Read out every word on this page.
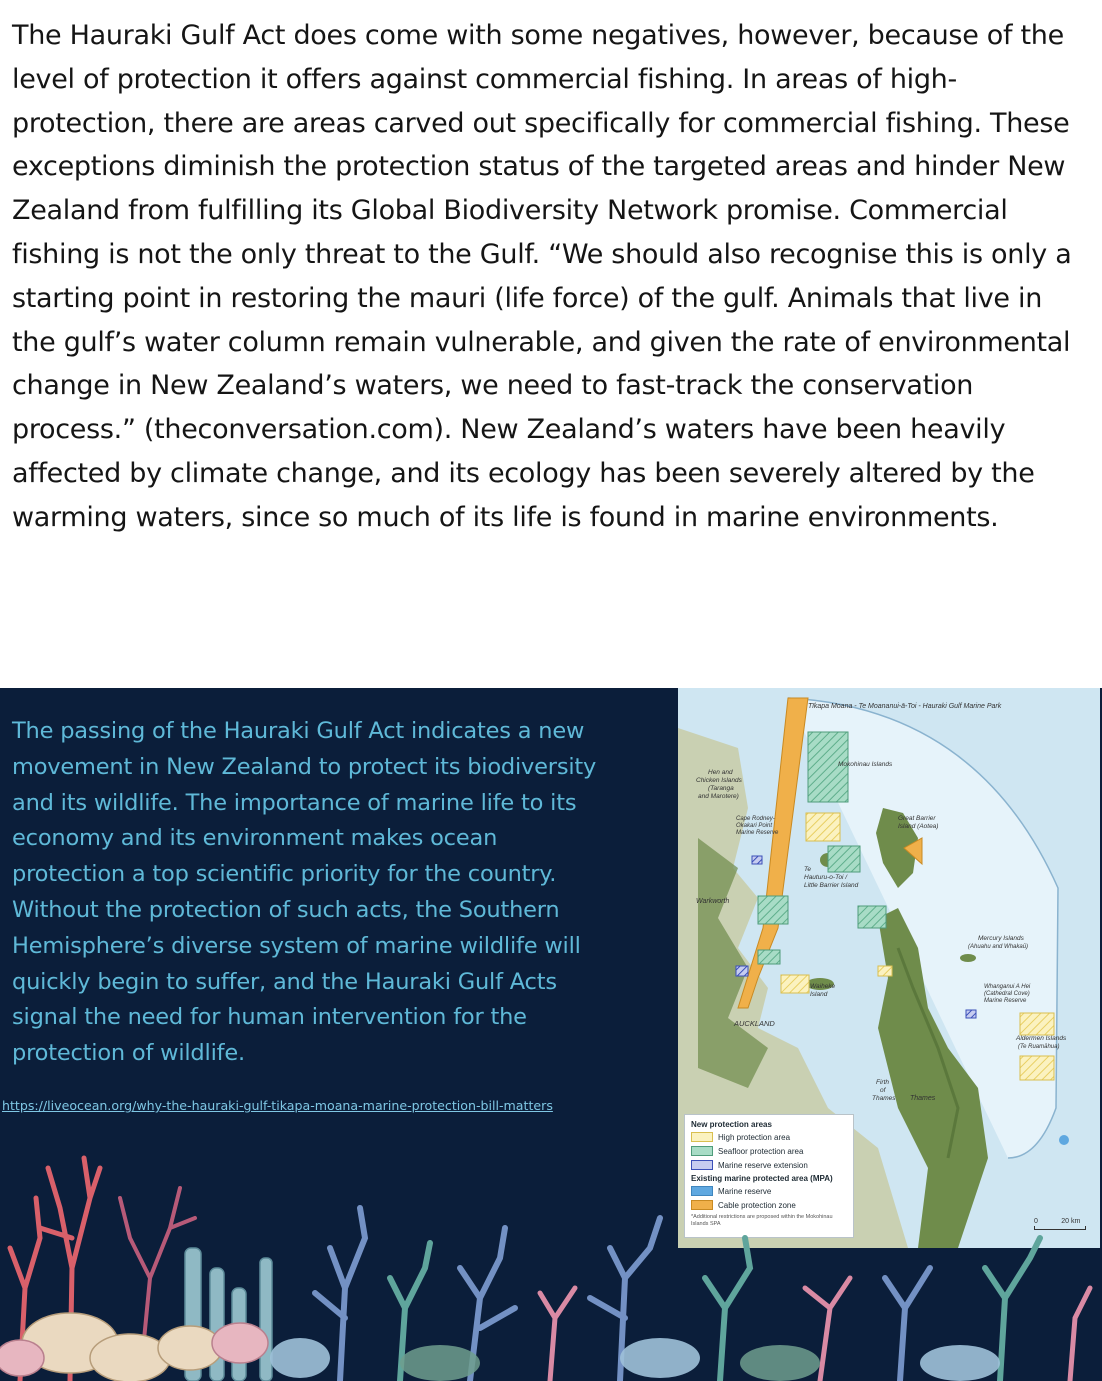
The Hauraki Gulf Act does come with some negatives, however, because of the level of protection it offers against commercial fishing. In areas of high-protection, there are areas carved out specifically for commercial fishing. These exceptions diminish the protection status of the targeted areas and hinder New Zealand from fulfilling its Global Biodiversity Network promise. Commercial fishing is not the only threat to the Gulf. “We should also recognise this is only a starting point in restoring the mauri (life force) of the gulf. Animals that live in the gulf’s water column remain vulnerable, and given the rate of environmental change in New Zealand’s waters, we need to fast-track the conservation process.” (theconversation.com). New Zealand’s waters have been heavily affected by climate change, and its ecology has been severely altered by the warming waters, since so much of its life is found in marine environments.

The passing of the Hauraki Gulf Act indicates a new movement in New Zealand to protect its biodiversity and its wildlife. The importance of marine life to its economy and its environment makes ocean protection a top scientific priority for the country. Without the protection of such acts, the Southern Hemisphere’s diverse system of marine wildlife will quickly begin to suffer, and the Hauraki Gulf Acts signal the need for human intervention for the protection of wildlife.

https://liveocean.org/why-the-hauraki-gulf-tikapa-moana-marine-protection-bill-matters
Tīkapa Moana - Te Moananui-ā-Toi - Hauraki Gulf Marine Park
Mokohinau Islands
Hen and
Chicken Islands
(Taranga
and Marotere)
Cape Rodney-
Okakari Point
Marine Reserve
Great Barrier
Island (Aotea)
Te
Hauturu-o-Toi /
Little Barrier Island
Warkworth
Mercury Islands
(Ahuahu and Whakaū)
Waiheke
Island
Whanganui A Hei
(Cathedral Cove)
Marine Reserve
AUCKLAND
Aldermen Islands
(Te Ruamāhua)
Firth
of
Thames Thames
New protection areas
High protection area
Seafloor protection area
Marine reserve extension
Existing marine protected area (MPA)
Marine reserve
Cable protection zone
*Additional restrictions are proposed within the Mokohinau Islands SPA	0	20 km
